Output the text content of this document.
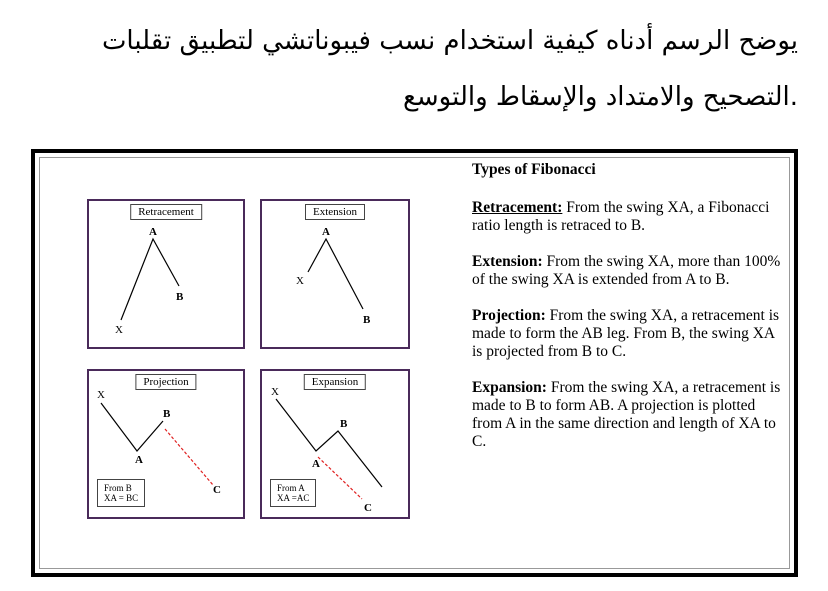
يوضح الرسم أدناه كيفية استخدام نسب فيبوناتشي لتطبيق تقلبات
.التصحيح والامتداد والإسقاط والتوسع
Retracement
A
B
X
Extension
A
X
B
Projection
X
B
A
C
From B
XA = BC
Expansion
X
B
A
C
From A
XA =AC
Types of Fibonacci

Retracement: From the swing XA, a Fibonacci ratio length is retraced to B.

Extension: From the swing XA, more than 100% of the swing XA is extended from A to B.

Projection: From the swing XA, a retracement is made to form the AB leg. From B, the swing XA is projected from B to C.

Expansion: From the swing XA, a retracement is made to B to form AB. A projection is plotted from A in the same direction and length of XA to C.
